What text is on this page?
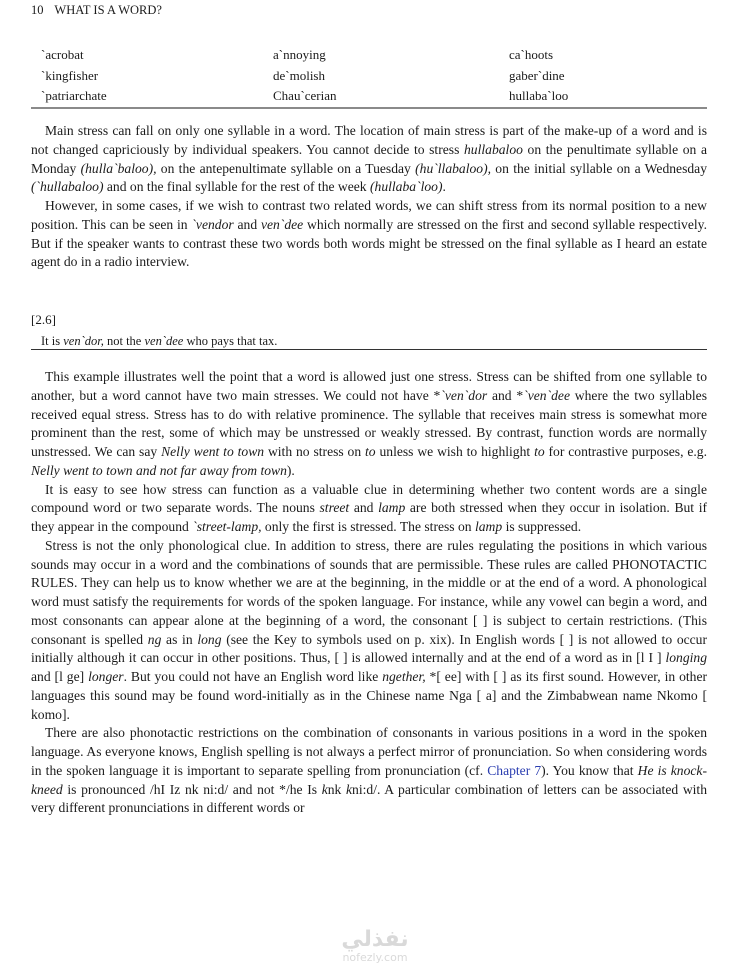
10 WHAT IS A WORD?
`acrobat	a`nnoying	ca`hoots
`kingfisher	de`molish	gaber`dine
`patriarchate	Chau`cerian	hullaba`loo

Main stress can fall on only one syllable in a word. The location of main stress is part of the make-up of a word and is not changed capriciously by individual speakers. You cannot decide to stress hullabaloo on the penultimate syllable on a Monday (hulla`baloo), on the antepenultimate syllable on a Tuesday (hu`llabaloo), on the initial syllable on a Wednesday (`hullabaloo) and on the final syllable for the rest of the week (hullaba`loo).

However, in some cases, if we wish to contrast two related words, we can shift stress from its normal position to a new position. This can be seen in `vendor and ven`dee which normally are stressed on the first and second syllable respectively. But if the speaker wants to contrast these two words both words might be stressed on the final syllable as I heard an estate agent do in a radio interview.

[2.6]
It is ven`dor, not the ven`dee who pays that tax.

This example illustrates well the point that a word is allowed just one stress. Stress can be shifted from one syllable to another, but a word cannot have two main stresses. We could not have *`ven`dor and *`ven`dee where the two syllables received equal stress. Stress has to do with relative prominence. The syllable that receives main stress is somewhat more prominent than the rest, some of which may be unstressed or weakly stressed. By contrast, function words are normally unstressed. We can say Nelly went to town with no stress on to unless we wish to highlight to for contrastive purposes, e.g. Nelly went to town and not far away from town).

It is easy to see how stress can function as a valuable clue in determining whether two content words are a single compound word or two separate words. The nouns street and lamp are both stressed when they occur in isolation. But if they appear in the compound `street-lamp, only the first is stressed. The stress on lamp is suppressed.

Stress is not the only phonological clue. In addition to stress, there are rules regulating the positions in which various sounds may occur in a word and the combinations of sounds that are permissible. These rules are called PHONOTACTIC RULES. They can help us to know whether we are at the beginning, in the middle or at the end of a word. A phonological word must satisfy the requirements for words of the spoken language. For instance, while any vowel can begin a word, and most consonants can appear alone at the beginning of a word, the consonant [ ] is subject to certain restrictions. (This consonant is spelled ng as in long (see the Key to symbols used on p. xix). In English words [ ] is not allowed to occur initially although it can occur in other positions. Thus, [ ] is allowed internally and at the end of a word as in [l I ] longing and [l ge] longer. But you could not have an English word like ngether, *[ ee] with [ ] as its first sound. However, in other languages this sound may be found word-initially as in the Chinese name Nga [ a] and the Zimbabwean name Nkomo [ komo].

There are also phonotactic restrictions on the combination of consonants in various positions in a word in the spoken language. As everyone knows, English spelling is not always a perfect mirror of pronunciation. So when considering words in the spoken language it is important to separate spelling from pronunciation (cf. Chapter 7). You know that He is knock-kneed is pronounced /hI Iz nk ni:d/ and not */he Is knk kni:d/. A particular combination of letters can be associated with very different pronunciations in different words or

نفذلي
nofezly.com
